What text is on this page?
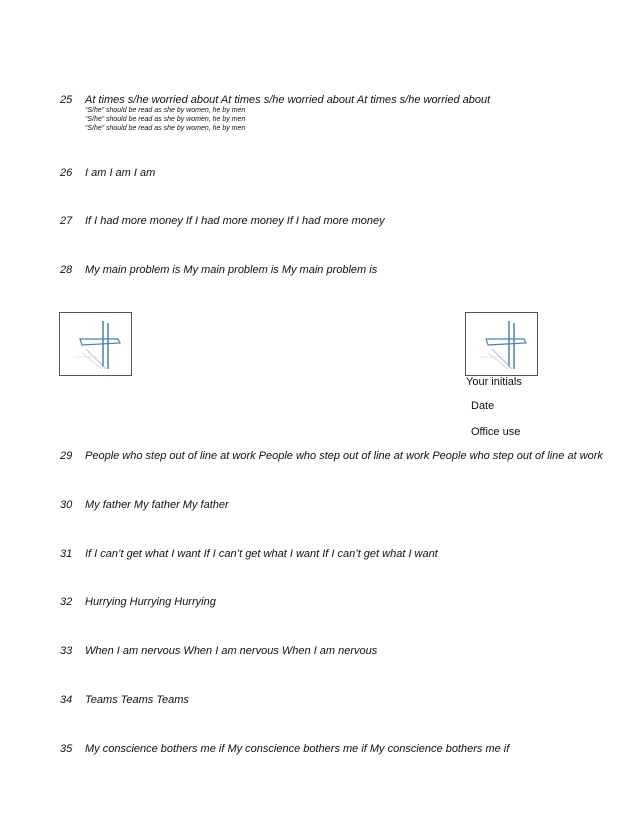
25	At times s/he worried about At times s/he worried about At times s/he worried about
“S/he” should be read as she by women, he by men
“S/he” should be read as she by women, he by men
“S/he” should be read as she by women, he by men
26	I am I am I am
27	If I had more money If I had more money If I had more money
28	My main problem is My main problem is My main problem is
Your initials
Date
Office use
29	People who step out of line at work People who step out of line at work People who step out of line at work
30	My father My father My father
31	If I can’t get what I want If I can’t get what I want If I can’t get what I want
32	Hurrying Hurrying Hurrying
33	When I am nervous When I am nervous When I am nervous
34	Teams Teams Teams
35	My conscience bothers me if My conscience bothers me if My conscience bothers me if
